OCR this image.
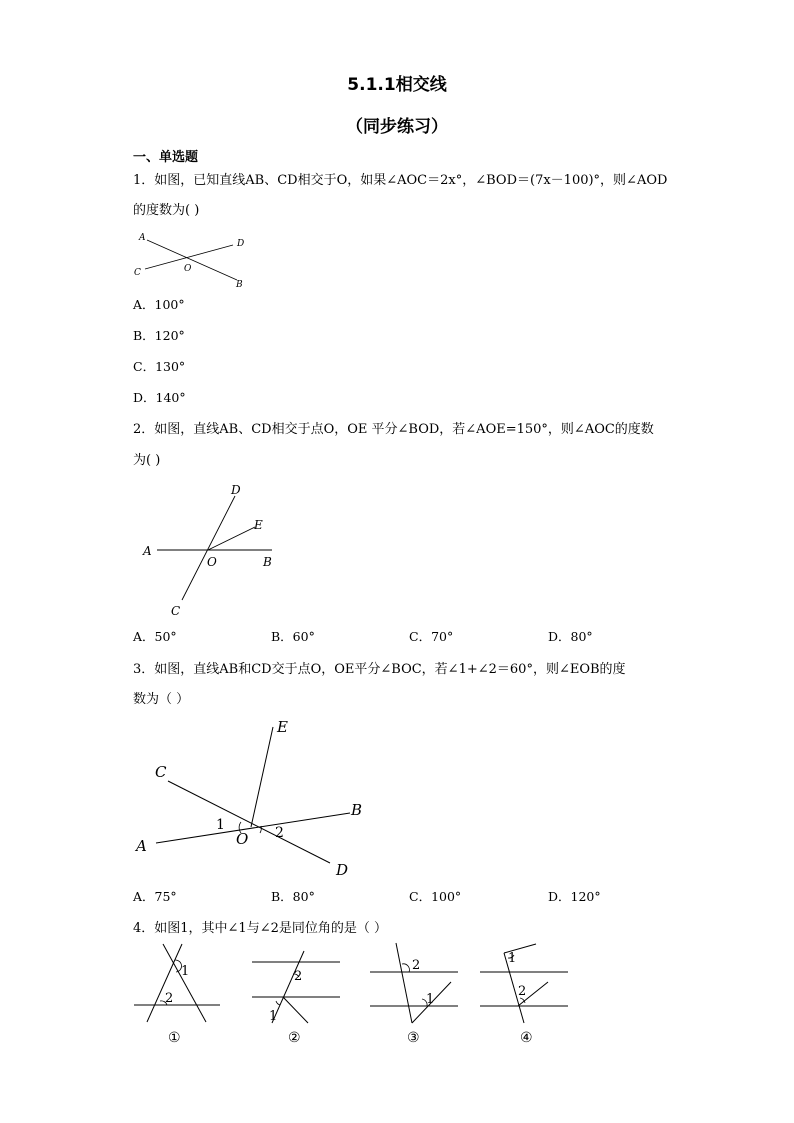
5.1.1相交线
（同步练习）
一、单选题
1．如图，已知直线AB、CD相交于O，如果∠AOC＝2x°，∠BOD＝(7x－100)°，则∠AOD
的度数为( )
A
D
C	O
B
A．100°
B．120°
C．130°
D．140°
2．如图，直线AB、CD相交于点O，OE 平分∠BOD，若∠AOE=150°，则∠AOC的度数
为( )
D
E
A
O	B
C
A．50°	B．60°	C．70°	D．80°
3．如图，直线AB和CD交于点O，OE平分∠BOC，若∠1+∠2＝60°，则∠EOB的度
数为（ ）
E
C
B
1	2
A	O
D
A．75°	B．80°	C．100°	D．120°
4．如图1，其中∠1与∠2是同位角的是（ ）
1
2
①
2
1
②
2
1
③
1
2
④
